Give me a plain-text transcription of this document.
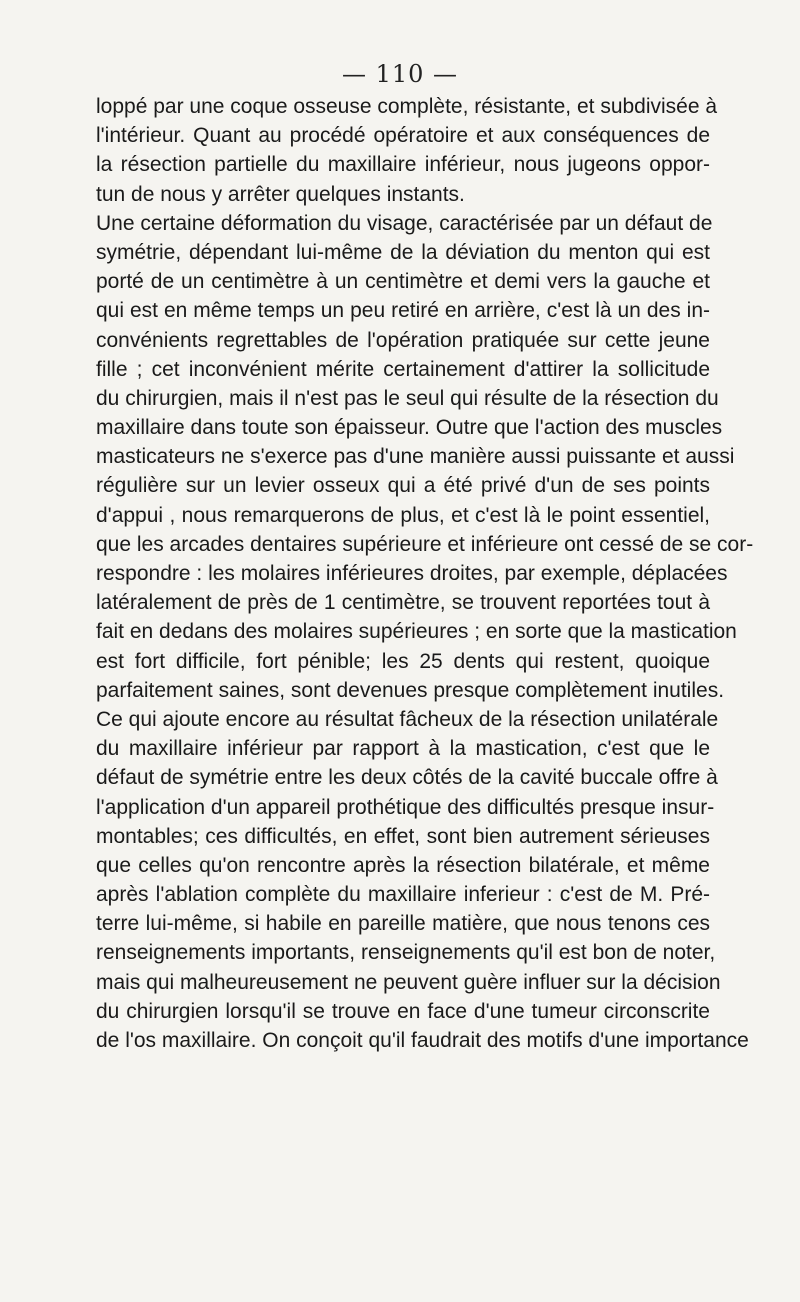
— 110 —
loppé par une coque osseuse complète, résistante, et subdivisée à
l'intérieur. Quant au procédé opératoire et aux conséquences de
la résection partielle du maxillaire inférieur, nous jugeons oppor-
tun de nous y arrêter quelques instants.
Une certaine déformation du visage, caractérisée par un défaut de
symétrie, dépendant lui-même de la déviation du menton qui est
porté de un centimètre à un centimètre et demi vers la gauche et
qui est en même temps un peu retiré en arrière, c'est là un des in-
convénients regrettables de l'opération pratiquée sur cette jeune
fille ; cet inconvénient mérite certainement d'attirer la sollicitude
du chirurgien, mais il n'est pas le seul qui résulte de la résection du
maxillaire dans toute son épaisseur. Outre que l'action des muscles
masticateurs ne s'exerce pas d'une manière aussi puissante et aussi
régulière sur un levier osseux qui a été privé d'un de ses points
d'appui , nous remarquerons de plus, et c'est là le point essentiel,
que les arcades dentaires supérieure et inférieure ont cessé de se cor-
respondre : les molaires inférieures droites, par exemple, déplacées
latéralement de près de 1 centimètre, se trouvent reportées tout à
fait en dedans des molaires supérieures ; en sorte que la mastication
est fort difficile, fort pénible; les 25 dents qui restent, quoique
parfaitement saines, sont devenues presque complètement inutiles.
Ce qui ajoute encore au résultat fâcheux de la résection unilatérale
du maxillaire inférieur par rapport à la mastication, c'est que le
défaut de symétrie entre les deux côtés de la cavité buccale offre à
l'application d'un appareil prothétique des difficultés presque insur-
montables; ces difficultés, en effet, sont bien autrement sérieuses
que celles qu'on rencontre après la résection bilatérale, et même
après l'ablation complète du maxillaire inferieur : c'est de M. Pré-
terre lui-même, si habile en pareille matière, que nous tenons ces
renseignements importants, renseignements qu'il est bon de noter,
mais qui malheureusement ne peuvent guère influer sur la décision
du chirurgien lorsqu'il se trouve en face d'une tumeur circonscrite
de l'os maxillaire. On conçoit qu'il faudrait des motifs d'une importance
